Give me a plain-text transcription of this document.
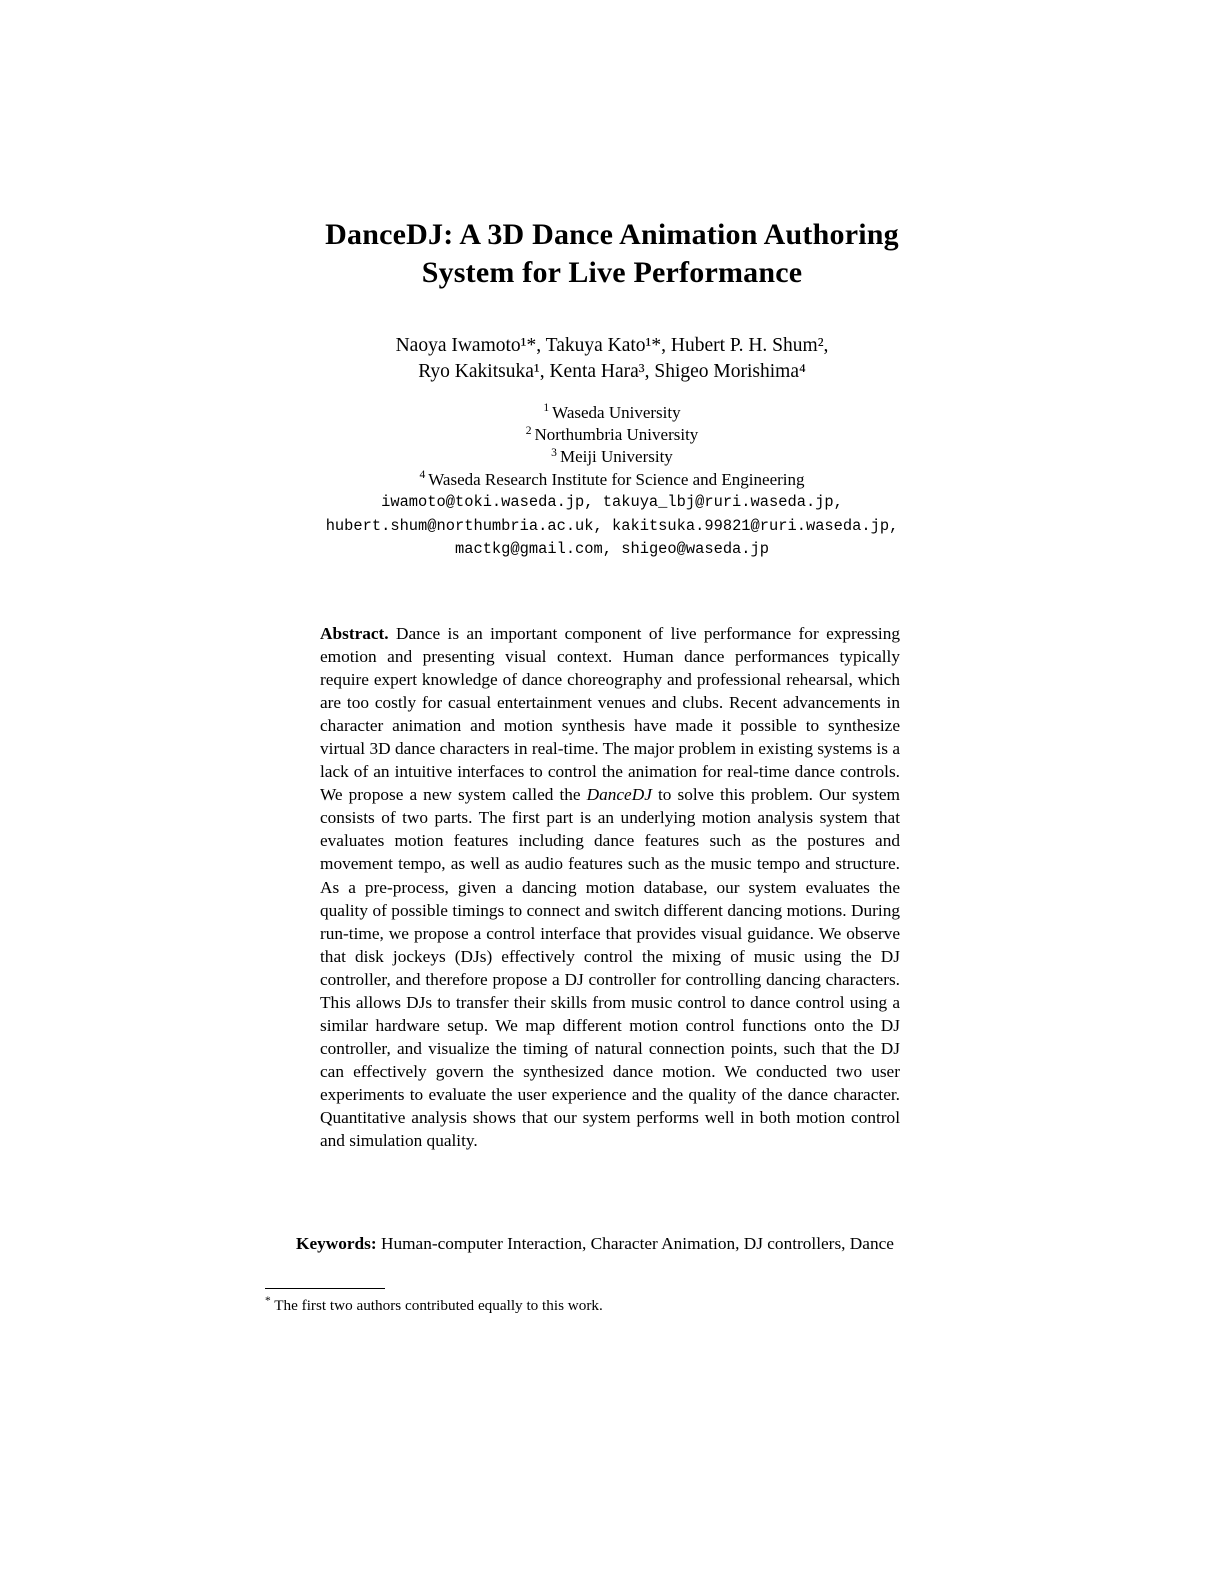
DanceDJ: A 3D Dance Animation Authoring
System for Live Performance
Naoya Iwamoto¹*, Takuya Kato¹*, Hubert P. H. Shum²,
Ryo Kakitsuka¹, Kenta Hara³, Shigeo Morishima⁴
$^1$ Waseda University
$^2$ Northumbria University
$^3$ Meiji University
$^4$ Waseda Research Institute for Science and Engineering
iwamoto@toki.waseda.jp, takuya_lbj@ruri.waseda.jp,
hubert.shum@northumbria.ac.uk, kakitsuka.99821@ruri.waseda.jp,
mactkg@gmail.com, shigeo@waseda.jp
Abstract. Dance is an important component of live performance for expressing emotion and presenting visual context. Human dance performances typically require expert knowledge of dance choreography and professional rehearsal, which are too costly for casual entertainment venues and clubs. Recent advancements in character animation and motion synthesis have made it possible to synthesize virtual 3D dance characters in real-time. The major problem in existing systems is a lack of an intuitive interfaces to control the animation for real-time dance controls. We propose a new system called the DanceDJ to solve this problem. Our system consists of two parts. The first part is an underlying motion analysis system that evaluates motion features including dance features such as the postures and movement tempo, as well as audio features such as the music tempo and structure. As a pre-process, given a dancing motion database, our system evaluates the quality of possible timings to connect and switch different dancing motions. During run-time, we propose a control interface that provides visual guidance. We observe that disk jockeys (DJs) effectively control the mixing of music using the DJ controller, and therefore propose a DJ controller for controlling dancing characters. This allows DJs to transfer their skills from music control to dance control using a similar hardware setup. We map different motion control functions onto the DJ controller, and visualize the timing of natural connection points, such that the DJ can effectively govern the synthesized dance motion. We conducted two user experiments to evaluate the user experience and the quality of the dance character. Quantitative analysis shows that our system performs well in both motion control and simulation quality.
Keywords: Human-computer Interaction, Character Animation, DJ controllers, Dance
* The first two authors contributed equally to this work.
